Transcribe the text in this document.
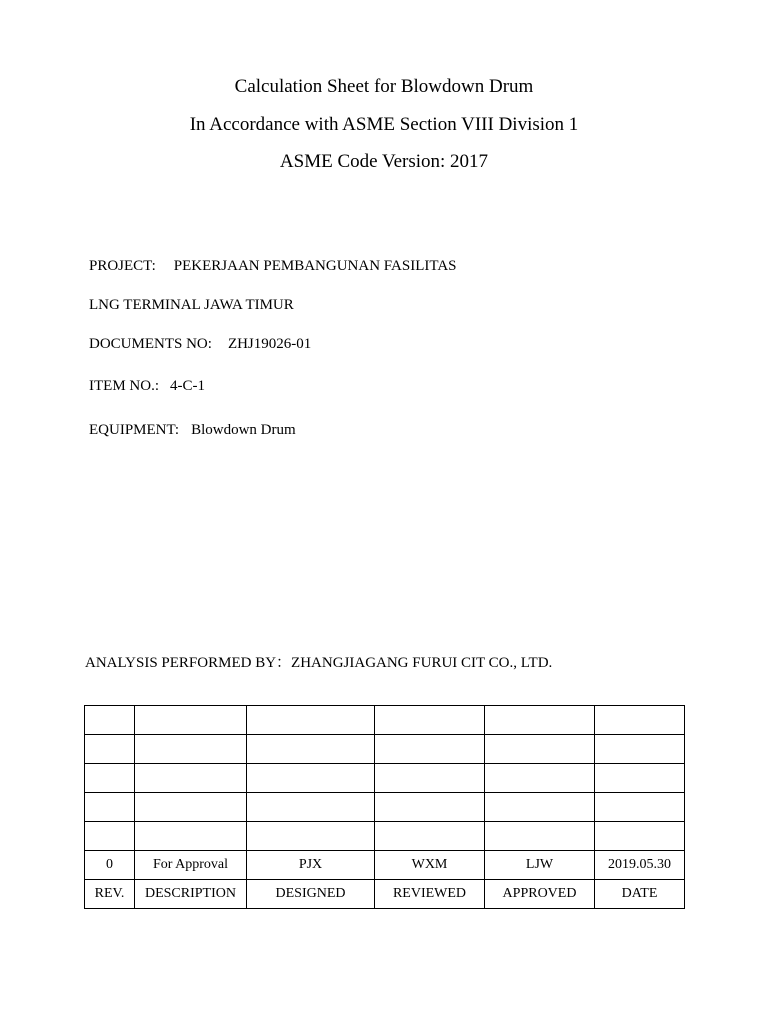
Calculation Sheet for Blowdown Drum
In Accordance with ASME Section VIII Division 1
ASME Code Version: 2017
PROJECT: PEKERJAAN PEMBANGUNAN FASILITAS
LNG TERMINAL JAWA TIMUR
DOCUMENTS NO: ZHJ19026-01
ITEM NO.: 4-C-1
EQUIPMENT: Blowdown Drum
ANALYSIS PERFORMED BY：ZHANGJIAGANG FURUI CIT CO., LTD.

0	For Approval	PJX	WXM	LJW	2019.05.30
REV.	DESCRIPTION	DESIGNED	REVIEWED	APPROVED	DATE
